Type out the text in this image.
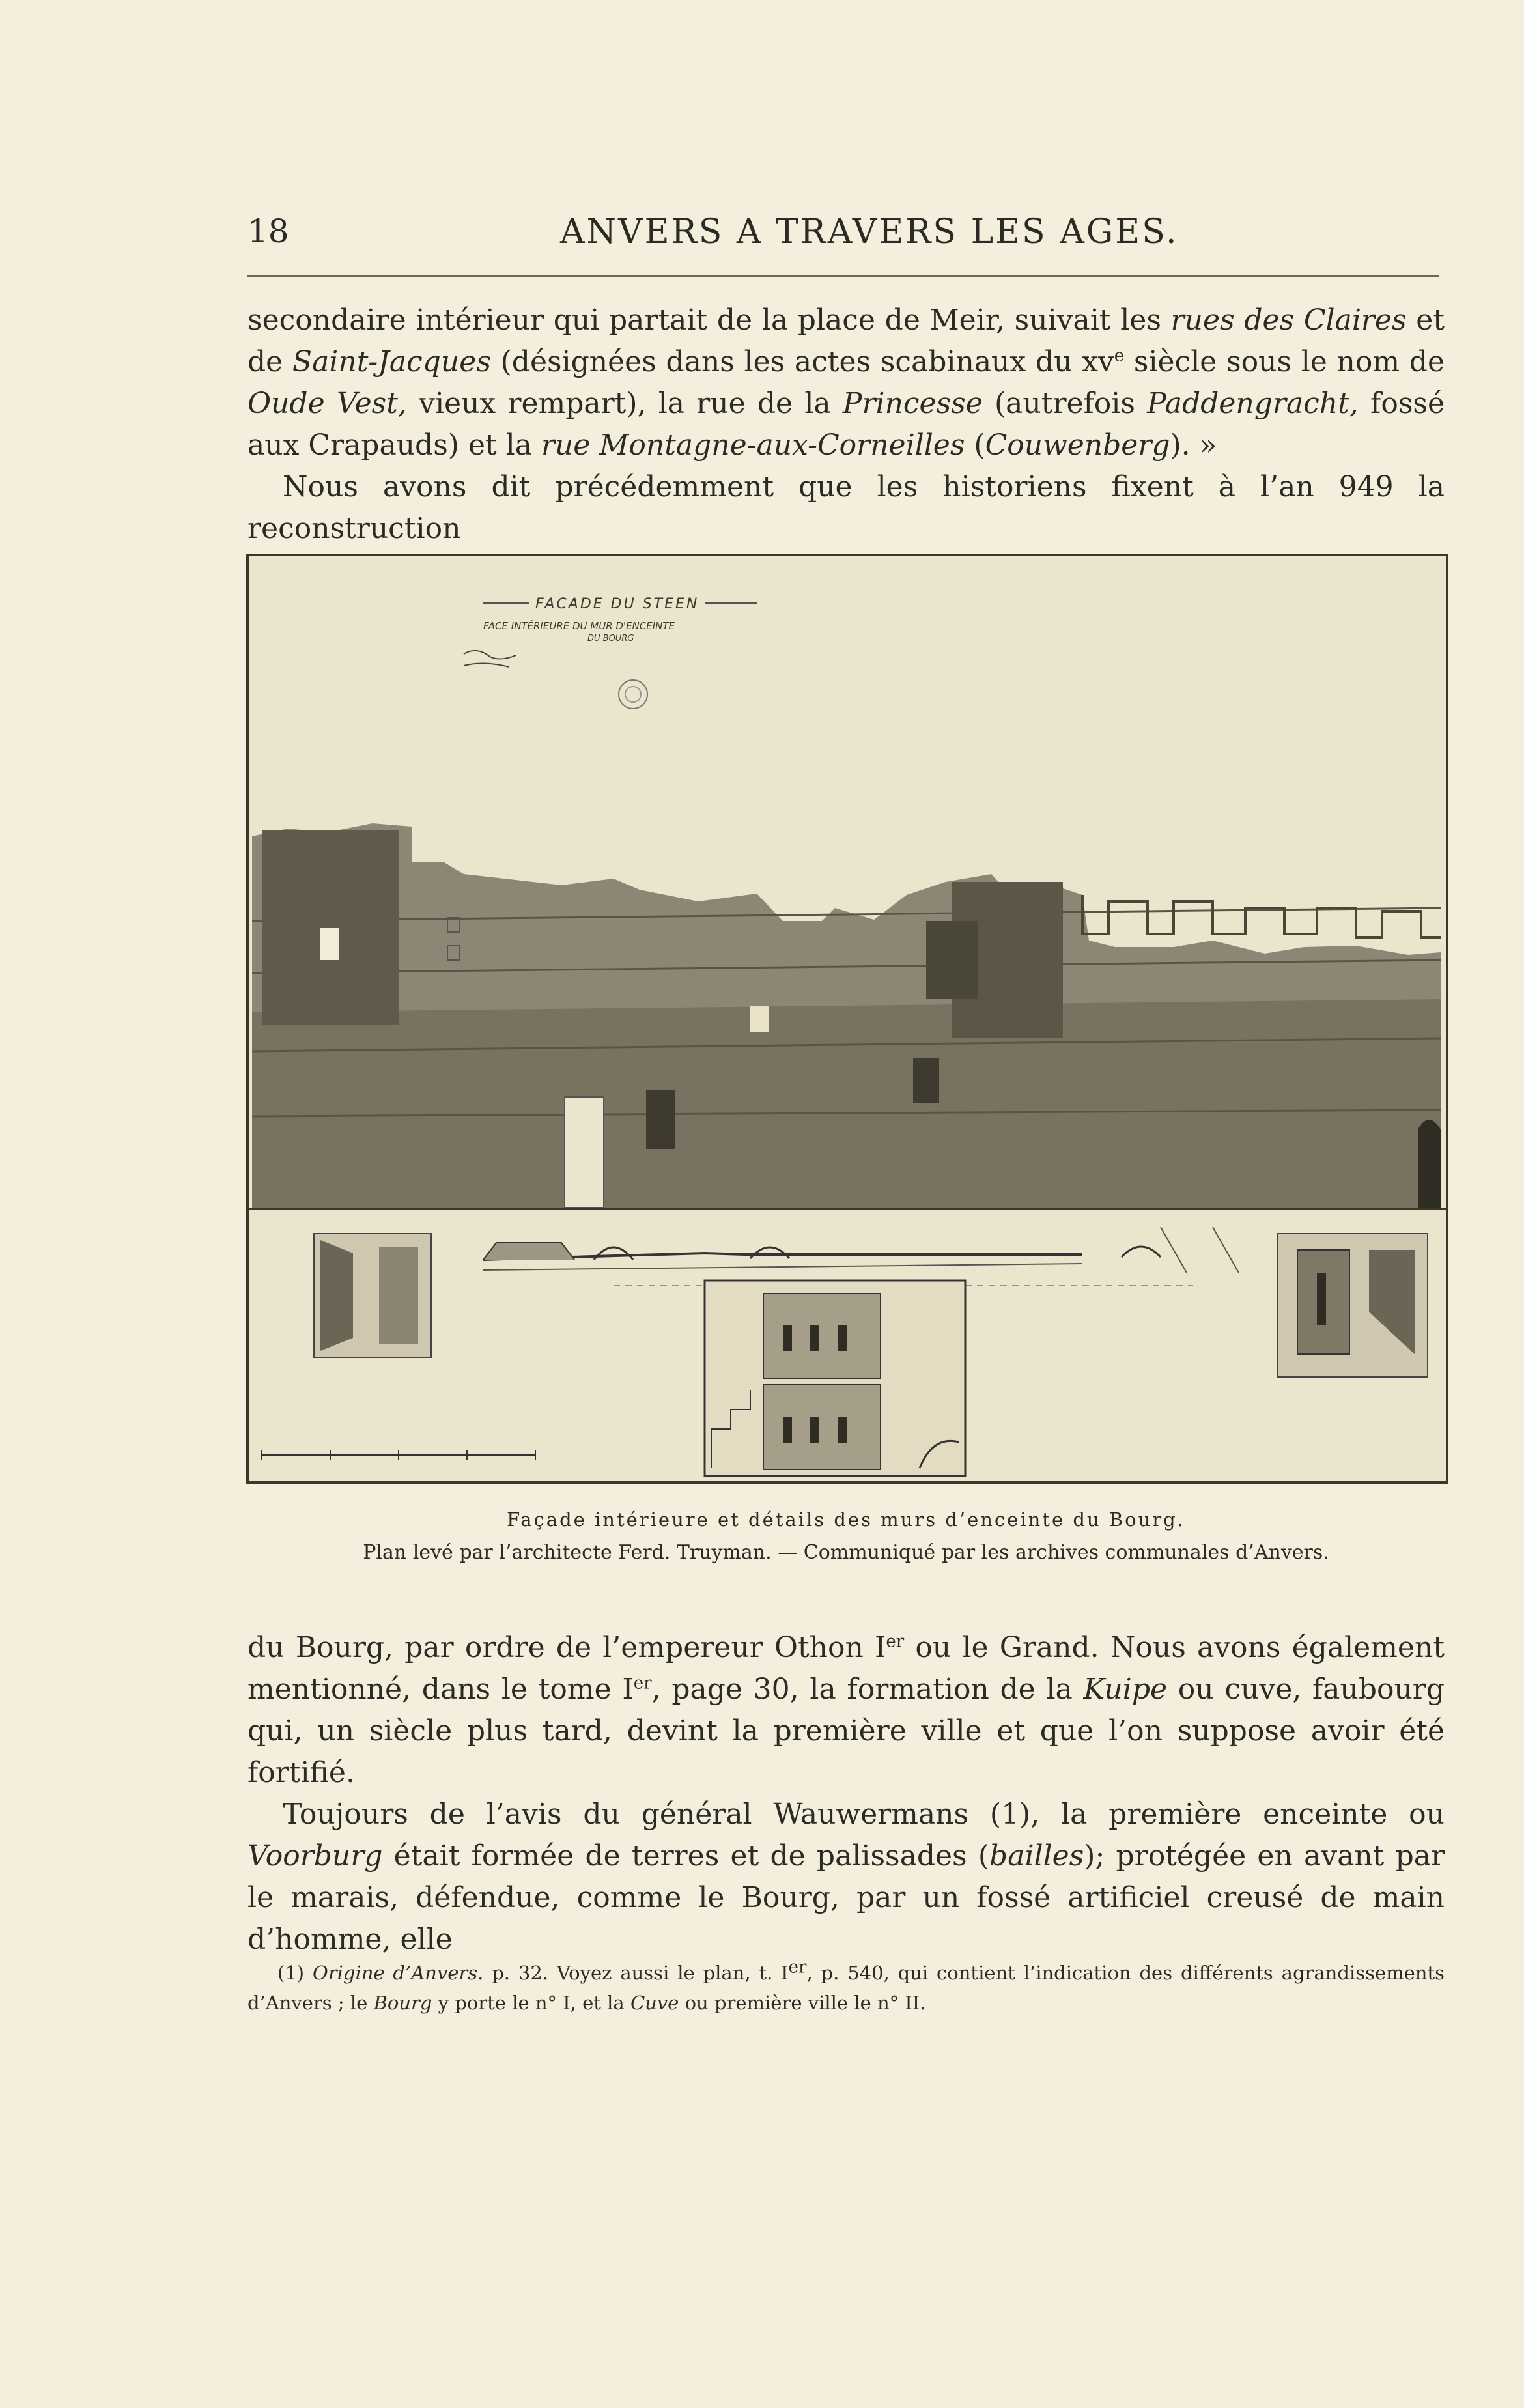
18	ANVERS A TRAVERS LES AGES.

secondaire intérieur qui partait de la place de Meir, suivait les rues des Claires et de Saint-Jacques (désignées dans les actes scabinaux du $xv^e$ siècle sous le nom de Oude Vest, vieux rempart), la rue de la Princesse (autrefois Paddengracht, fossé aux Crapauds) et la rue Montagne-aux-Corneilles (Couwenberg). »

Nous avons dit précédemment que les historiens fixent à l’an 949 la reconstruction

FACADE DU STEEN
FACE INTÉRIEURE DU MUR D'ENCEINTE
DU BOURG
Façade intérieure et détails des murs d’enceinte du Bourg.
Plan levé par l’architecte Ferd. Truyman. — Communiqué par les archives communales d’Anvers.

du Bourg, par ordre de l’empereur Othon Ier ou le Grand. Nous avons également mentionné, dans le tome Ier, page 30, la formation de la Kuipe ou cuve, faubourg qui, un siècle plus tard, devint la première ville et que l’on suppose avoir été fortifié.

Toujours de l’avis du général Wauwermans (1), la première enceinte ou Voorburg était formée de terres et de palissades (bailles); protégée en avant par le marais, défendue, comme le Bourg, par un fossé artificiel creusé de main d’homme, elle

(1) Origine d’Anvers. p. 32. Voyez aussi le plan, t. Ier, p. 540, qui contient l’indication des différents agrandissements d’Anvers ; le Bourg y porte le n° I, et la Cuve ou première ville le n° II.
